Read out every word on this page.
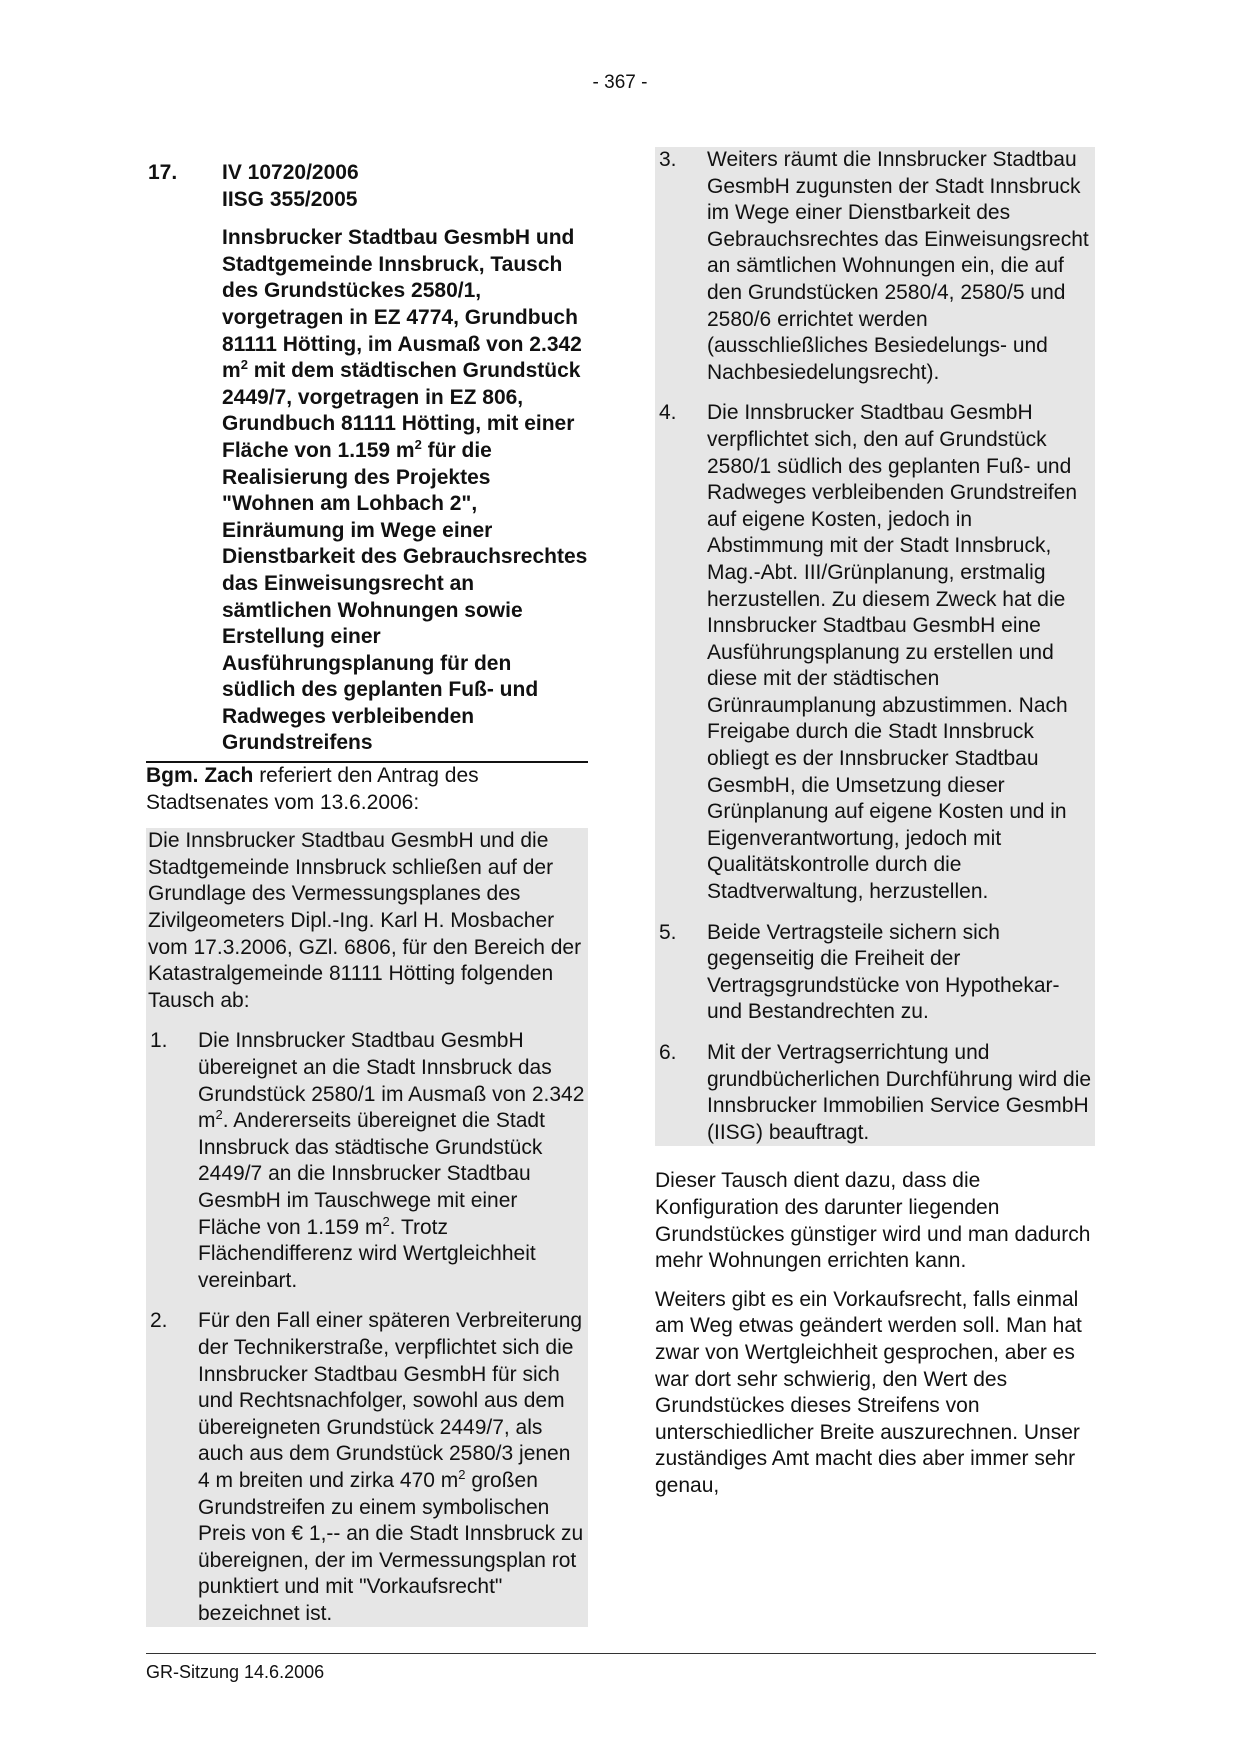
- 367 -
17. IV 10720/2006
IISG 355/2005
Innsbrucker Stadtbau GesmbH und Stadtgemeinde Innsbruck, Tausch des Grundstückes 2580/1, vorgetragen in EZ 4774, Grundbuch 81111 Hötting, im Ausmaß von 2.342 $m^2$ mit dem städtischen Grundstück 2449/7, vorgetragen in EZ 806, Grundbuch 81111 Hötting, mit einer Fläche von 1.159 $m^2$ für die Realisierung des Projektes "Wohnen am Lohbach 2", Einräumung im Wege einer Dienstbarkeit des Gebrauchsrechtes das Einweisungsrecht an sämtlichen Wohnungen sowie Erstellung einer Ausführungsplanung für den südlich des geplanten Fuß- und Radweges verbleibenden Grundstreifens

Bgm. Zach referiert den Antrag des Stadtsenates vom 13.6.2006:

Die Innsbrucker Stadtbau GesmbH und die Stadtgemeinde Innsbruck schließen auf der Grundlage des Vermessungsplanes des Zivilgeometers Dipl.-Ing. Karl H. Mosbacher vom 17.3.2006, GZl. 6806, für den Bereich der Katastralgemeinde 81111 Hötting folgenden Tausch ab:

1.	Die Innsbrucker Stadtbau GesmbH übereignet an die Stadt Innsbruck das Grundstück 2580/1 im Ausmaß von 2.342 $m^2$. Andererseits übereignet die Stadt Innsbruck das städtische Grundstück 2449/7 an die Innsbrucker Stadtbau GesmbH im Tauschwege mit einer Fläche von 1.159 $m^2$. Trotz Flächendifferenz wird Wertgleichheit vereinbart.
2.	Für den Fall einer späteren Verbreiterung der Technikerstraße, verpflichtet sich die Innsbrucker Stadtbau GesmbH für sich und Rechtsnachfolger, sowohl aus dem übereigneten Grundstück 2449/7, als auch aus dem Grundstück 2580/3 jenen 4 m breiten und zirka 470 $m^2$ großen Grundstreifen zu einem symbolischen Preis von € 1,-- an die Stadt Innsbruck zu übereignen, der im Vermessungsplan rot punktiert und mit "Vorkaufsrecht" bezeichnet ist.
3.	Weiters räumt die Innsbrucker Stadtbau GesmbH zugunsten der Stadt Innsbruck im Wege einer Dienstbarkeit des Gebrauchsrechtes das Einweisungsrecht an sämtlichen Wohnungen ein, die auf den Grundstücken 2580/4, 2580/5 und 2580/6 errichtet werden (ausschließliches Besiedelungs- und Nachbesiedelungsrecht).
4.	Die Innsbrucker Stadtbau GesmbH verpflichtet sich, den auf Grundstück 2580/1 südlich des geplanten Fuß- und Radweges verbleibenden Grundstreifen auf eigene Kosten, jedoch in Abstimmung mit der Stadt Innsbruck, Mag.-Abt. III/Grünplanung, erstmalig herzustellen. Zu diesem Zweck hat die Innsbrucker Stadtbau GesmbH eine Ausführungsplanung zu erstellen und diese mit der städtischen Grünraumplanung abzustimmen. Nach Freigabe durch die Stadt Innsbruck obliegt es der Innsbrucker Stadtbau GesmbH, die Umsetzung dieser Grünplanung auf eigene Kosten und in Eigenverantwortung, jedoch mit Qualitätskontrolle durch die Stadtverwaltung, herzustellen.
5.	Beide Vertragsteile sichern sich gegenseitig die Freiheit der Vertragsgrundstücke von Hypothekar- und Bestandrechten zu.
6.	Mit der Vertragserrichtung und grundbücherlichen Durchführung wird die Innsbrucker Immobilien Service GesmbH (IISG) beauftragt.

Dieser Tausch dient dazu, dass die Konfiguration des darunter liegenden Grundstückes günstiger wird und man dadurch mehr Wohnungen errichten kann.

Weiters gibt es ein Vorkaufsrecht, falls einmal am Weg etwas geändert werden soll. Man hat zwar von Wertgleichheit gesprochen, aber es war dort sehr schwierig, den Wert des Grundstückes dieses Streifens von unterschiedlicher Breite auszurechnen. Unser zuständiges Amt macht dies aber immer sehr genau,

GR-Sitzung 14.6.2006
